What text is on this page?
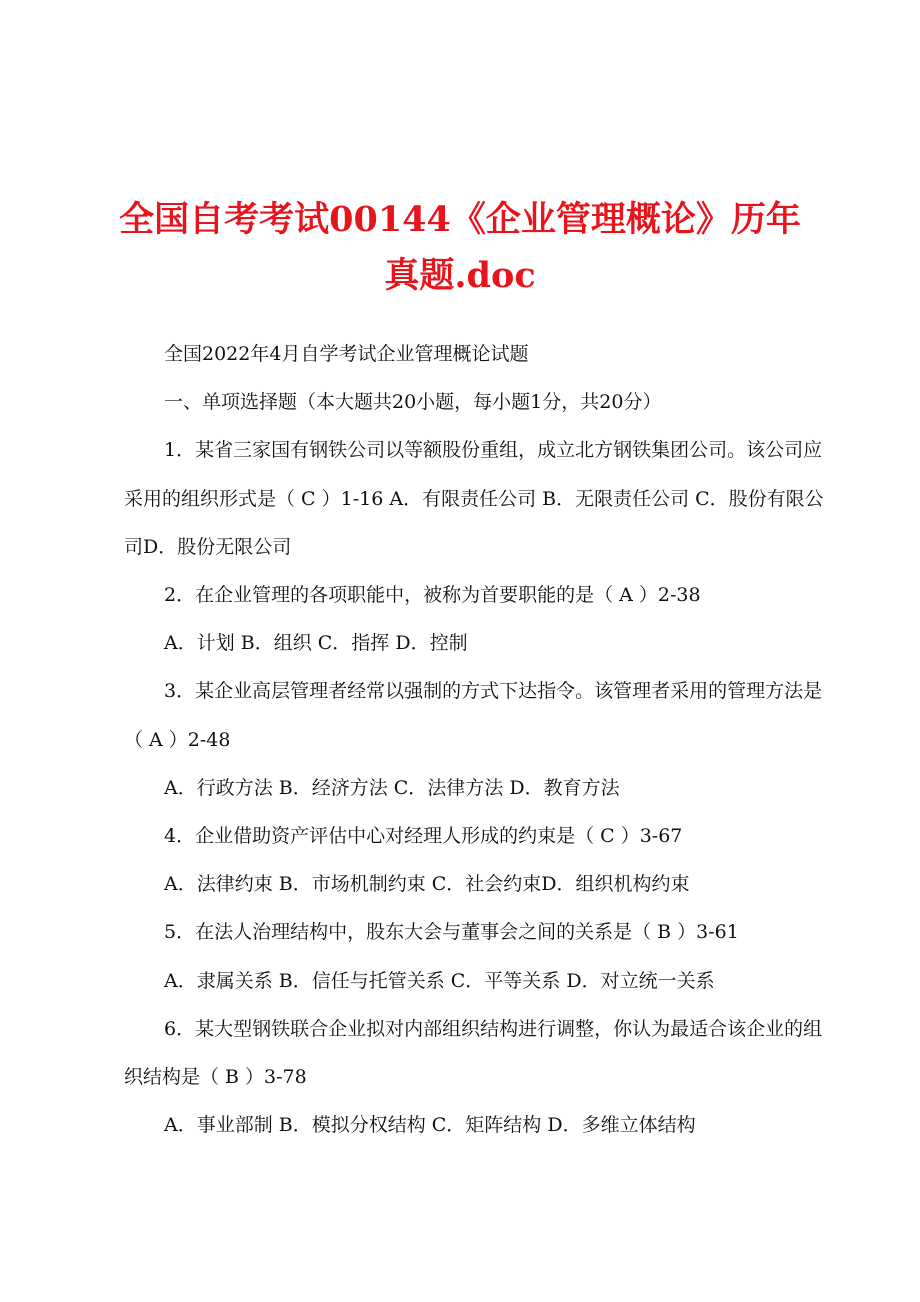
全国自考考试00144《企业管理概论》历年真题.doc

全国2022年4月自学考试企业管理概论试题

一、单项选择题（本大题共20小题，每小题1分，共20分）

1．某省三家国有钢铁公司以等额股份重组，成立北方钢铁集团公司。该公司应采用的组织形式是（ C ）1-16 A．有限责任公司 B．无限责任公司 C．股份有限公司D．股份无限公司

2．在企业管理的各项职能中，被称为首要职能的是（ A ）2-38

A．计划 B．组织 C．指挥 D．控制

3．某企业高层管理者经常以强制的方式下达指令。该管理者采用的管理方法是（ A ）2-48

A．行政方法 B．经济方法 C．法律方法 D．教育方法

4．企业借助资产评估中心对经理人形成的约束是（ C ）3-67

A．法律约束 B．市场机制约束 C．社会约束D．组织机构约束

5．在法人治理结构中，股东大会与董事会之间的关系是（ B ）3-61

A．隶属关系 B．信任与托管关系 C．平等关系 D．对立统一关系

6．某大型钢铁联合企业拟对内部组织结构进行调整，你认为最适合该企业的组织结构是（ B ）3-78

A．事业部制 B．模拟分权结构 C．矩阵结构 D．多维立体结构
